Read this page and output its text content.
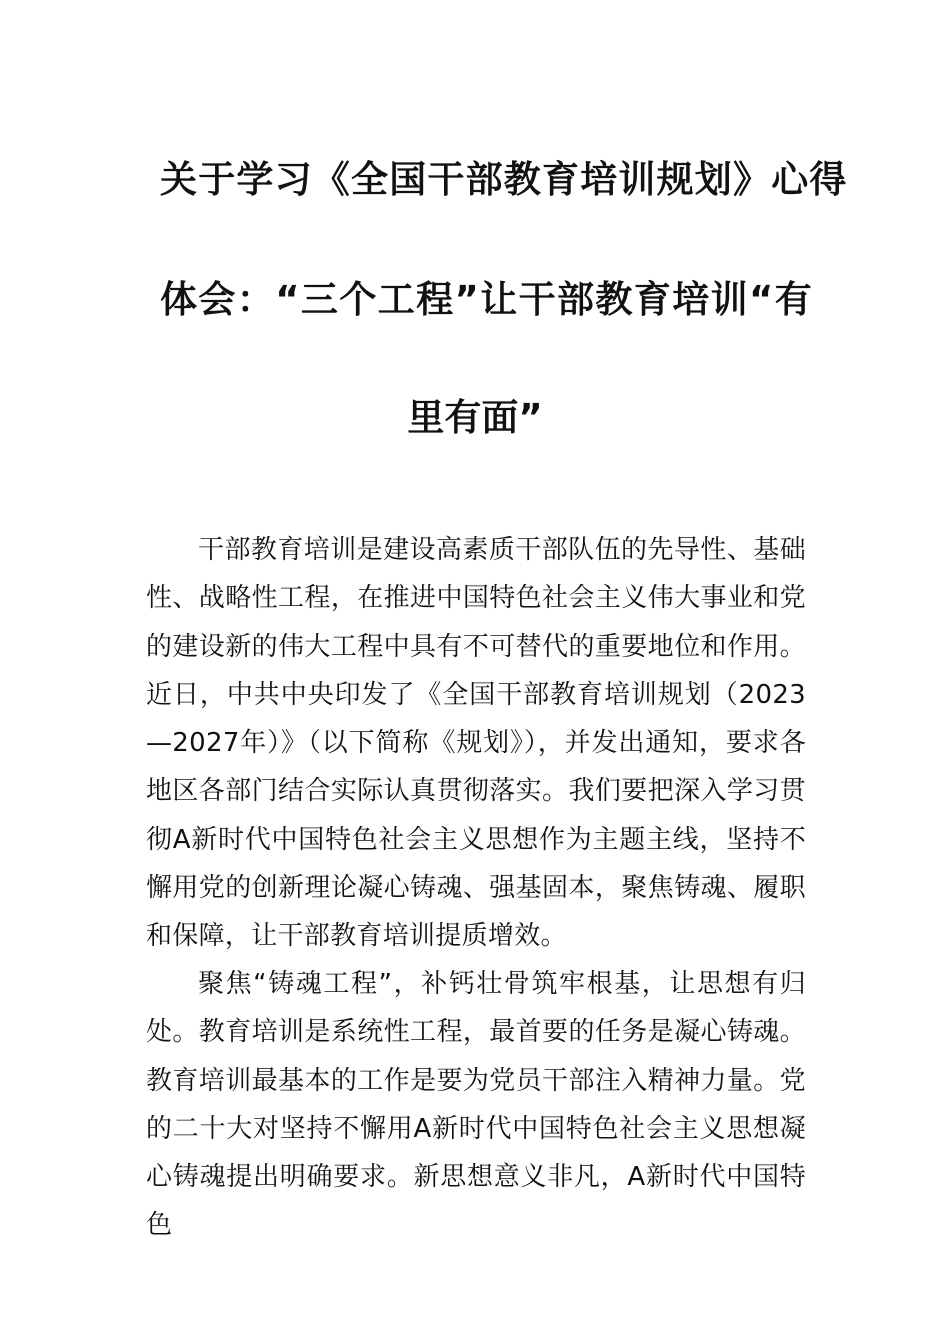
关于学习《全国干部教育培训规划》心得
体会：“三个工程”让干部教育培训“有
里有面”

干部教育培训是建设高素质干部队伍的先导性、基础性、战略性工程，在推进中国特色社会主义伟大事业和党的建设新的伟大工程中具有不可替代的重要地位和作用。近日，中共中央印发了《全国干部教育培训规划（2023—2027年）》（以下简称《规划》），并发出通知，要求各地区各部门结合实际认真贯彻落实。我们要把深入学习贯彻A新时代中国特色社会主义思想作为主题主线，坚持不懈用党的创新理论凝心铸魂、强基固本，聚焦铸魂、履职和保障，让干部教育培训提质增效。

聚焦“铸魂工程”，补钙壮骨筑牢根基，让思想有归处。教育培训是系统性工程，最首要的任务是凝心铸魂。教育培训最基本的工作是要为党员干部注入精神力量。党的二十大对坚持不懈用A新时代中国特色社会主义思想凝心铸魂提出明确要求。新思想意义非凡，A新时代中国特色
